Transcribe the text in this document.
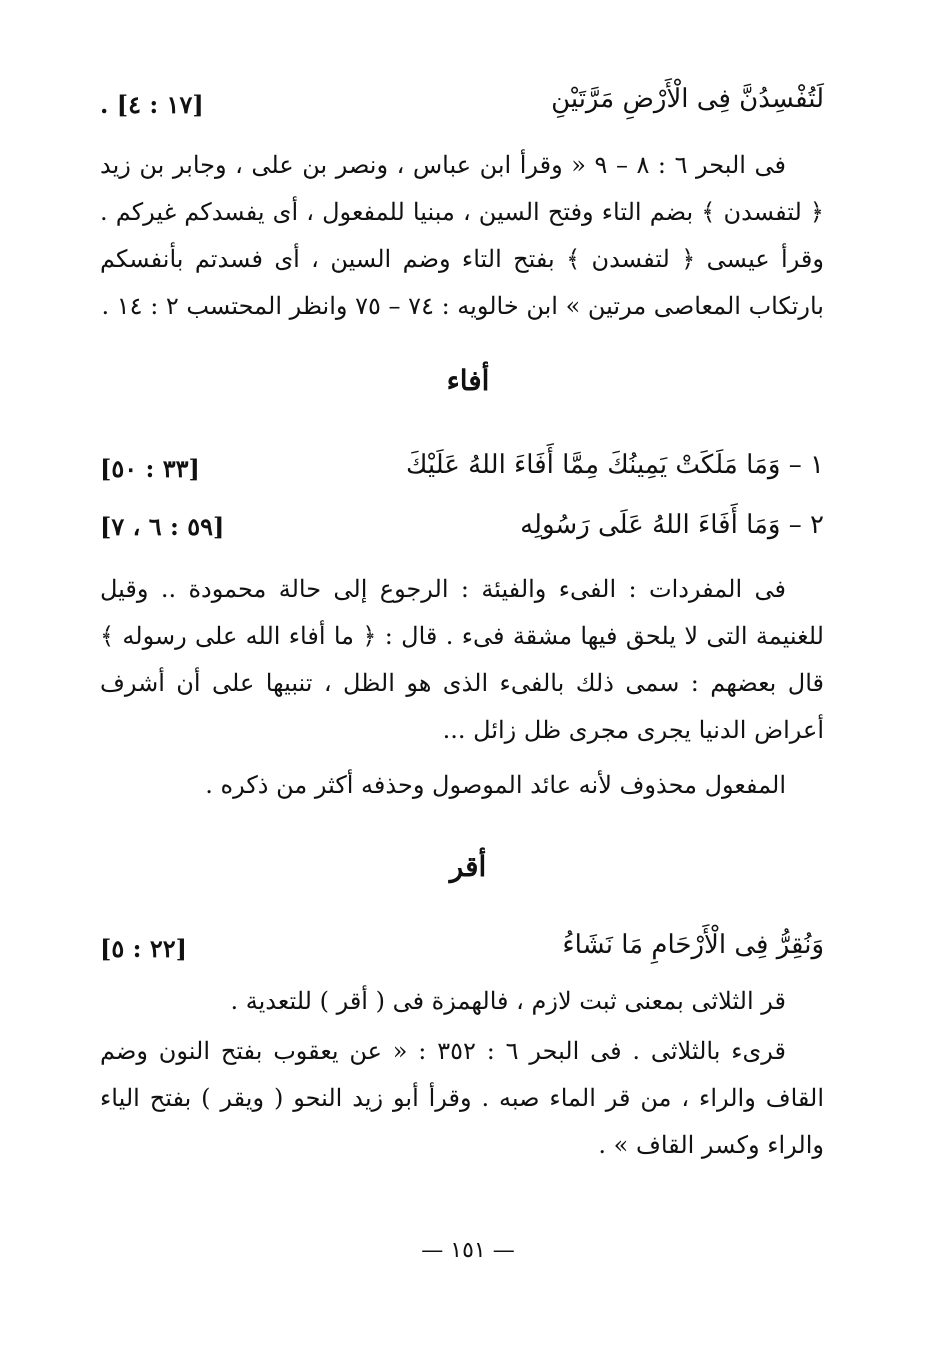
لَتُفْسِدُنَّ فِى الْأَرْضِ مَرَّتَيْنِ
[١٧ : ٤] .
فى البحر ٦ : ٨ – ٩ « وقرأ ابن عباس ، ونصر بن على ، وجابر بن زيد ﴿ لتفسدن ﴾ بضم التاء وفتح السين ، مبنيا للمفعول ، أى يفسدكم غيركم . وقرأ عيسى ﴿ لتفسدن ﴾ بفتح التاء وضم السين ، أى فسدتم بأنفسكم بارتكاب المعاصى مرتين » ابن خالويه : ٧٤ – ٧٥ وانظر المحتسب ٢ : ١٤ .
أفاء
١ – وَمَا مَلَكَتْ يَمِينُكَ مِمَّا أَفَاءَ اللهُ عَلَيْكَ
[٣٣ : ٥٠]
٢ – وَمَا أَفَاءَ اللهُ عَلَى رَسُولِه
[٥٩ : ٦ ، ٧]
فى المفردات : الفىء والفيئة : الرجوع إلى حالة محمودة .. وقيل للغنيمة التى لا يلحق فيها مشقة فىء . قال : ﴿ ما أفاء الله على رسوله ﴾ قال بعضهم : سمى ذلك بالفىء الذى هو الظل ، تنبيها على أن أشرف أعراض الدنيا يجرى مجرى ظل زائل ...
المفعول محذوف لأنه عائد الموصول وحذفه أكثر من ذكره .
أقر
وَنُقِرُّ فِى الْأَرْحَامِ مَا نَشَاءُ
[٢٢ : ٥]
قر الثلاثى بمعنى ثبت لازم ، فالهمزة فى ( أقر ) للتعدية .
قرىء بالثلاثى . فى البحر ٦ : ٣٥٢ : « عن يعقوب بفتح النون وضم القاف والراء ، من قر الماء صبه . وقرأ أبو زيد النحو ( ويقر ) بفتح الياء والراء وكسر القاف » .
— ١٥١ —
